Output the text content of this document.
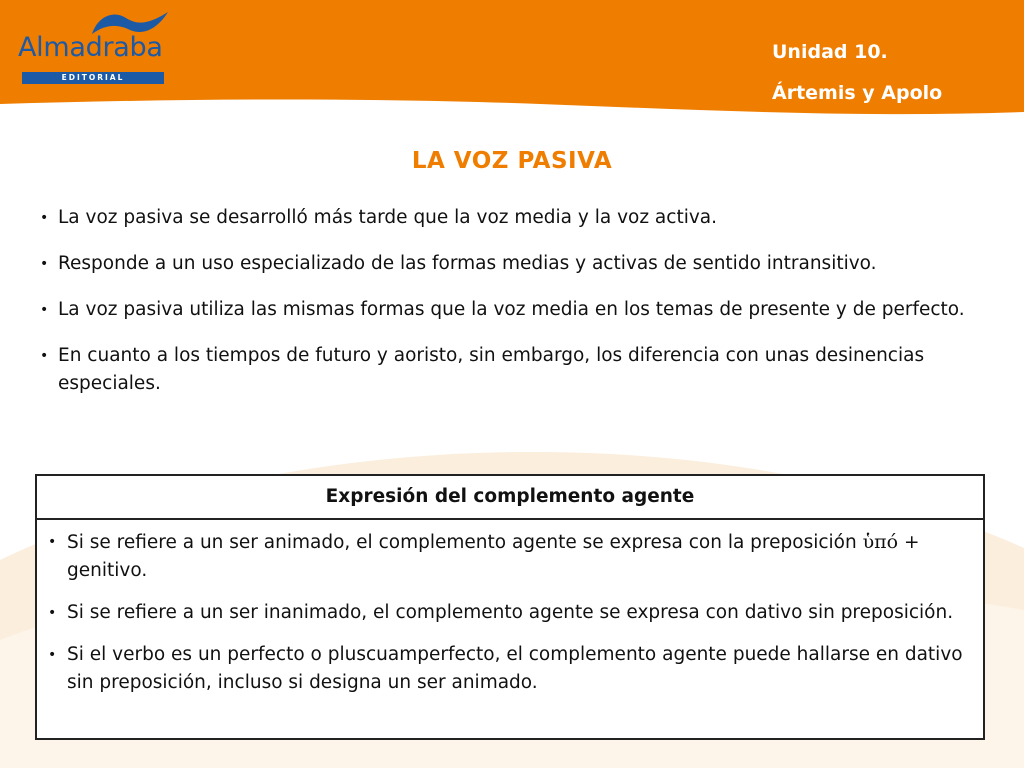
Almadraba
EDITORIAL
Unidad 10.
Ártemis y Apolo
LA VOZ PASIVA
• La voz pasiva se desarrolló más tarde que la voz media y la voz activa.
• Responde a un uso especializado de las formas medias y activas de sentido intransitivo.
• La voz pasiva utiliza las mismas formas que la voz media en los temas de presente y de perfecto.
• En cuanto a los tiempos de futuro y aoristo, sin embargo, los diferencia con unas desinencias especiales.
Expresión del complemento agente
• Si se refiere a un ser animado, el complemento agente se expresa con la preposición ὑπό + genitivo.
• Si se refiere a un ser inanimado, el complemento agente se expresa con dativo sin preposición.
• Si el verbo es un perfecto o pluscuamperfecto, el complemento agente puede hallarse en dativo sin preposición, incluso si designa un ser animado.
